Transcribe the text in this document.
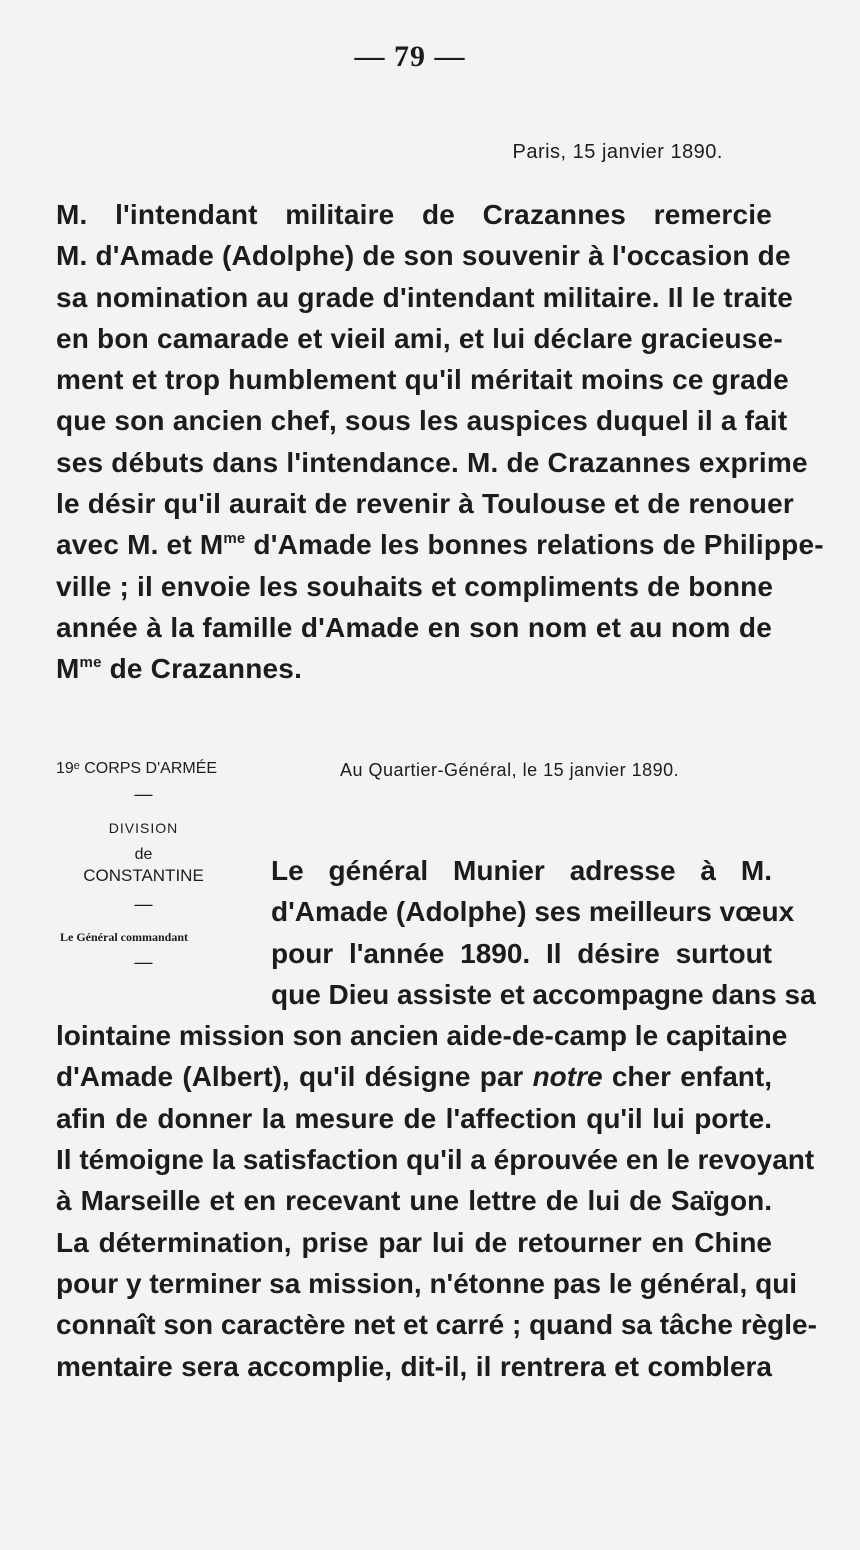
— 79 —
Paris, 15 janvier 1890.
M. l'intendant militaire de Crazannes remercie
M. d'Amade (Adolphe) de son souvenir à l'occasion de
sa nomination au grade d'intendant militaire. Il le traite
en bon camarade et vieil ami, et lui déclare gracieuse-
ment et trop humblement qu'il méritait moins ce grade
que son ancien chef, sous les auspices duquel il a fait
ses débuts dans l'intendance. M. de Crazannes exprime
le désir qu'il aurait de revenir à Toulouse et de renouer
avec M. et $M^{me}$ d'Amade les bonnes relations de Philippe-
ville ; il envoie les souhaits et compliments de bonne
année à la famille d'Amade en son nom et au nom de
$M^{me}$ de Crazannes.
19ᵉ CORPS D'ARMÉE
—
DIVISION
de
CONSTANTINE
—
Le Général commandant
—
Au Quartier-Général, le 15 janvier 1890.
Le général Munier adresse à M.
d'Amade (Adolphe) ses meilleurs vœux
pour l'année 1890. Il désire surtout
que Dieu assiste et accompagne dans sa
lointaine mission son ancien aide-de-camp le capitaine
d'Amade (Albert), qu'il désigne par notre cher enfant,
afin de donner la mesure de l'affection qu'il lui porte.
Il témoigne la satisfaction qu'il a éprouvée en le revoyant
à Marseille et en recevant une lettre de lui de Saïgon.
La détermination, prise par lui de retourner en Chine
pour y terminer sa mission, n'étonne pas le général, qui
connaît son caractère net et carré ; quand sa tâche règle-
mentaire sera accomplie, dit-il, il rentrera et comblera
